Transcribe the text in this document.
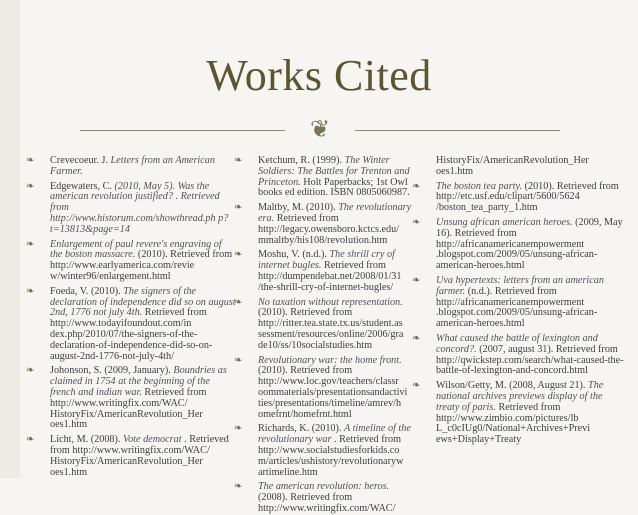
Works Cited
❦
❧ Crevecoeur. J. Letters from an American Farmer.
❧ Edgewaters, C. (2010, May 5). Was the american revolution justified? . Retrieved from http://www.historum.com/showthread.ph p?t=13813&page=14
❧ Enlargement of paul revere's engraving of the boston massacre. (2010). Retrieved from http://www.earlyamerica.com/revie w/winter96/enlargement.html
❧ Foeda, V. (2010). The signers of the declaration of independence did so on august 2nd, 1776 not july 4th. Retrieved from http://www.todayifoundout.com/in dex.php/2010/07/the-signers-of-the-declaration-of-independence-did-so-on-august-2nd-1776-not-july-4th/
❧ Johonson, S. (2009, January). Boundries as claimed in 1754 at the beginning of the french and indian war. Retrieved from http://www.writingfix.com/WAC/ HistoryFix/AmericanRevolution_Her oes1.htm
❧ Licht, M. (2008). Vote democrat . Retrieved from http://www.writingfix.com/WAC/ HistoryFix/AmericanRevolution_Her oes1.htm
❧ Ketchum, R. (1999). The Winter Soldiers: The Battles for Trenton and Princeton. Holt Paperbacks; 1st Owl books ed edition. ISBN 0805060987.
❧ Maltby, M. (2010). The revolutionary era. Retrieved from http://legacy.owensboro.kctcs.edu/ mmaltby/his108/revolution.htm
❧ Moshu, V. (n.d.). The shrill cry of internet bugles. Retrieved from http://dumpendebat.net/2008/01/31 /the-shrill-cry-of-internet-bugles/
❧ No taxation without representation. (2010). Retrieved from http://ritter.tea.state.tx.us/student.as sessment/resources/online/2006/gra de10/ss/10socialstudies.htm
❧ Revolutionary war: the home front. (2010). Retrieved from http://www.loc.gov/teachers/classr oommaterials/presentationsandactivi ties/presentations/timeline/amrev/h omefrnt/homefrnt.html
❧ Richards, K. (2010). A timeline of the revolutionary war . Retrieved from http://www.socialstudiesforkids.co m/articles/ushistory/revolutionaryw artimeline.htm
❧ The american revolution: heros. (2008). Retrieved from http://www.writingfix.com/WAC/
HistoryFix/AmericanRevolution_Her oes1.htm
❧ The boston tea party. (2010). Retrieved from http://etc.usf.edu/clipart/5600/5624 /boston_tea_party_1.htm
❧ Unsung african american heroes. (2009, May 16). Retrieved from http://africanamericanempowerment .blogspot.com/2009/05/unsung-african-american-heroes.html
❧ Uva hypertexts: letters from an american farmer. (n.d.). Retrieved from http://africanamericanempowerment .blogspot.com/2009/05/unsung-african-american-heroes.html
❧ What caused the battle of lexington and concord?. (2007, august 31). Retrieved from http://qwickstep.com/search/what-caused-the-battle-of-lexington-and-concord.html
❧ Wilson/Getty, M. (2008, August 21). The national archives previews display of the treaty of paris. Retrieved from http://www.zimbio.com/pictures/lb L_c0cIUg0/National+Archives+Previ ews+Display+Treaty
